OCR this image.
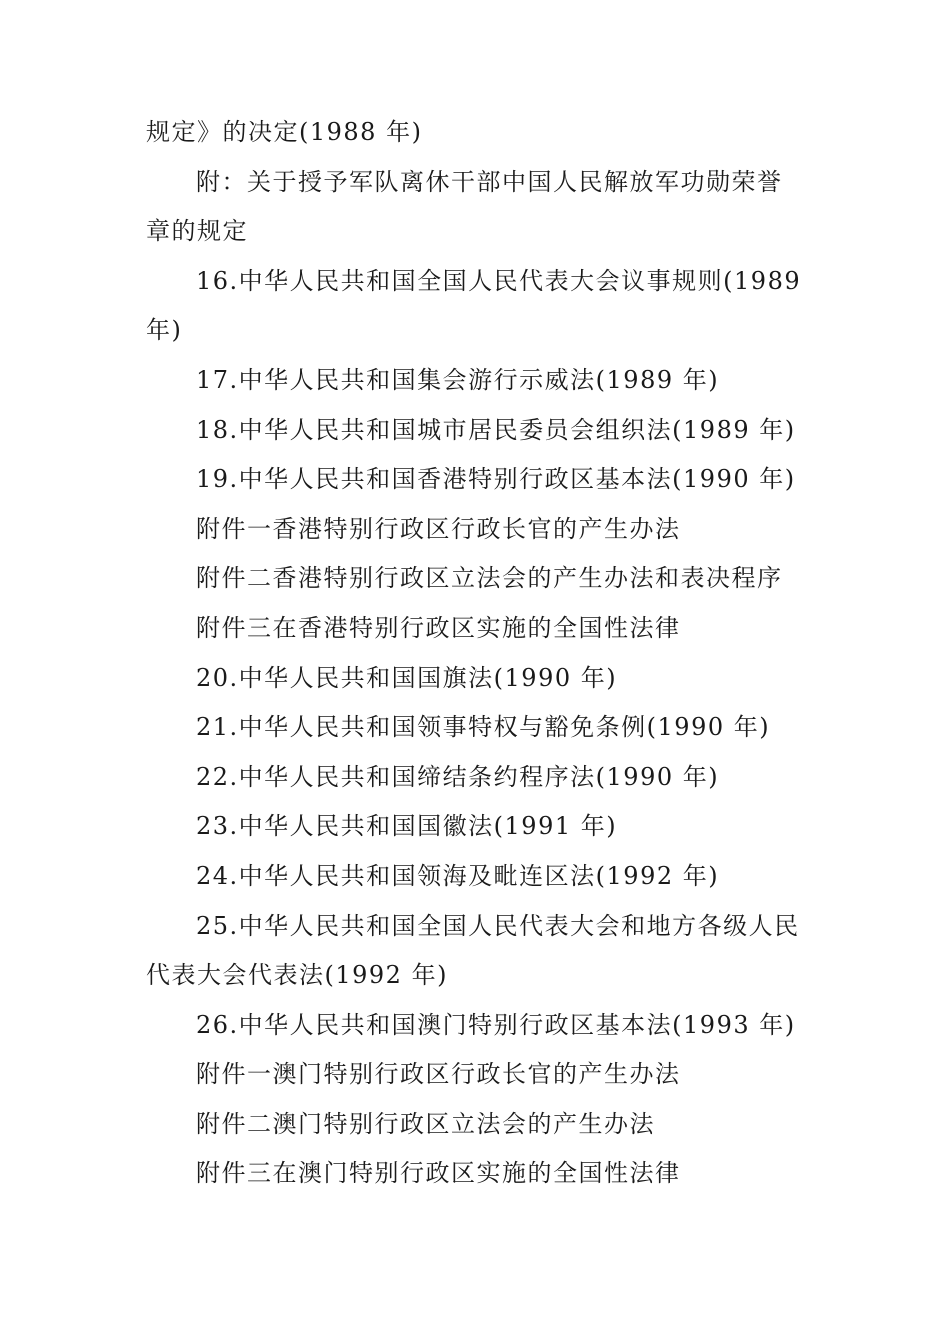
规定》的决定(1988 年)

附：关于授予军队离休干部中国人民解放军功勋荣誉章的规定

16.中华人民共和国全国人民代表大会议事规则(1989 年)

17.中华人民共和国集会游行示威法(1989 年)

18.中华人民共和国城市居民委员会组织法(1989 年)

19.中华人民共和国香港特别行政区基本法(1990 年)

附件一香港特别行政区行政长官的产生办法

附件二香港特别行政区立法会的产生办法和表决程序

附件三在香港特别行政区实施的全国性法律

20.中华人民共和国国旗法(1990 年)

21.中华人民共和国领事特权与豁免条例(1990 年)

22.中华人民共和国缔结条约程序法(1990 年)

23.中华人民共和国国徽法(1991 年)

24.中华人民共和国领海及毗连区法(1992 年)

25.中华人民共和国全国人民代表大会和地方各级人民代表大会代表法(1992 年)

26.中华人民共和国澳门特别行政区基本法(1993 年)

附件一澳门特别行政区行政长官的产生办法

附件二澳门特别行政区立法会的产生办法

附件三在澳门特别行政区实施的全国性法律
